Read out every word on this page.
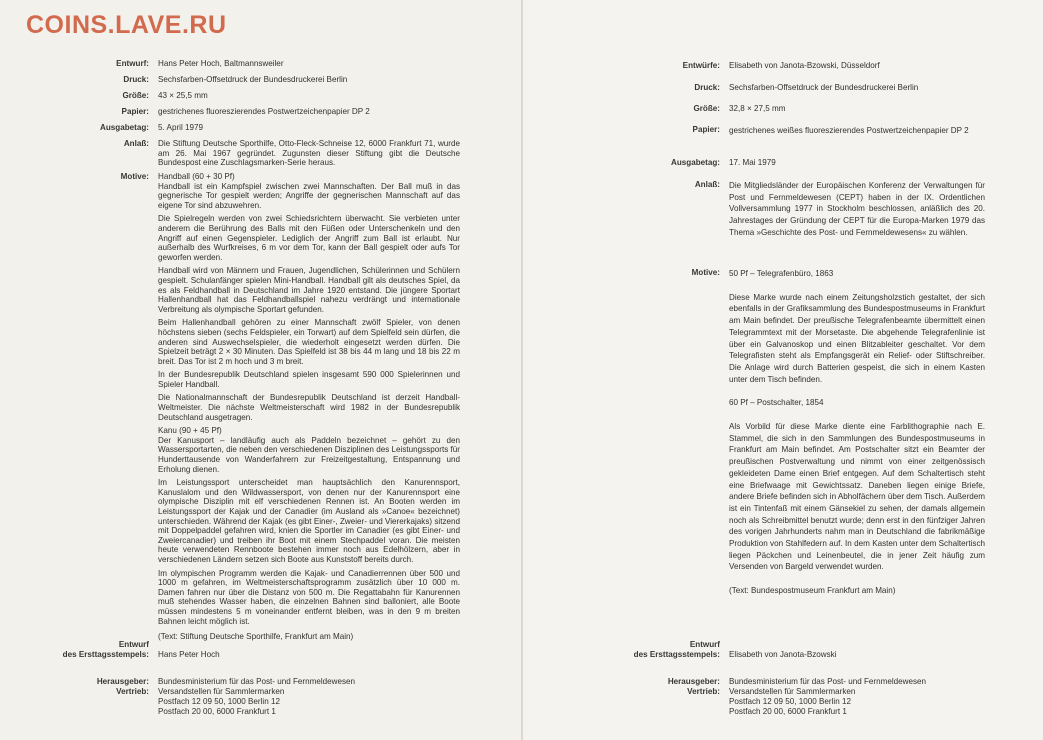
COINS.LAVE.RU
Entwurf: Hans Peter Hoch, Baltmannsweiler
Druck: Sechsfarben-Offsetdruck der Bundesdruckerei Berlin
Größe: 43 × 25,5 mm
Papier: gestrichenes fluoreszierendes Postwertzeichenpapier DP 2
Ausgabetag: 5. April 1979
Anlaß: Die Stiftung Deutsche Sporthilfe, Otto-Fleck-Schneise 12, 6000 Frankfurt 71, wurde am 26. Mai 1967 gegründet. Zugunsten dieser Stiftung gibt die Deutsche Bundespost eine Zuschlagsmarken-Serie heraus.
Motive: Handball (60 + 30 Pf)

Handball ist ein Kampfspiel zwischen zwei Mannschaften. Der Ball muß in das gegnerische Tor gespielt werden; Angriffe der gegnerischen Mannschaft auf das eigene Tor sind abzuwehren.

Die Spielregeln werden von zwei Schiedsrichtern überwacht. Sie verbieten unter anderem die Berührung des Balls mit den Füßen oder Unterschenkeln und den Angriff auf einen Gegenspieler. Lediglich der Angriff zum Ball ist erlaubt. Nur außerhalb des Wurfkreises, 6 m vor dem Tor, kann der Ball gespielt oder aufs Tor geworfen werden.

Handball wird von Männern und Frauen, Jugendlichen, Schülerinnen und Schülern gespielt. Schulanfänger spielen Mini-Handball. Handball gilt als deutsches Spiel, da es als Feldhandball in Deutschland im Jahre 1920 entstand. Die jüngere Sportart Hallenhandball hat das Feldhandballspiel nahezu verdrängt und internationale Verbreitung als olympische Sportart gefunden.

Beim Hallenhandball gehören zu einer Mannschaft zwölf Spieler, von denen höchstens sieben (sechs Feldspieler, ein Torwart) auf dem Spielfeld sein dürfen, die anderen sind Auswechselspieler, die wiederholt eingesetzt werden dürfen. Die Spielzeit beträgt 2 × 30 Minuten. Das Spielfeld ist 38 bis 44 m lang und 18 bis 22 m breit. Das Tor ist 2 m hoch und 3 m breit.

In der Bundesrepublik Deutschland spielen insgesamt 590 000 Spielerinnen und Spieler Handball.

Die Nationalmannschaft der Bundesrepublik Deutschland ist derzeit Handball-Weltmeister. Die nächste Weltmeisterschaft wird 1982 in der Bundesrepublik Deutschland ausgetragen.

Kanu (90 + 45 Pf)

Der Kanusport – landläufig auch als Paddeln bezeichnet – gehört zu den Wassersportarten, die neben den verschiedenen Disziplinen des Leistungssports für Hunderttausende von Wanderfahrern zur Freizeitgestaltung, Entspannung und Erholung dienen.

Im Leistungssport unterscheidet man hauptsächlich den Kanurennsport, Kanuslalom und den Wildwassersport, von denen nur der Kanurennsport eine olympische Disziplin mit elf verschiedenen Rennen ist. An Booten werden im Leistungssport der Kajak und der Canadier (im Ausland als »Canoe« bezeichnet) unterschieden. Während der Kajak (es gibt Einer-, Zweier- und Viererkajaks) sitzend mit Doppelpaddel gefahren wird, knien die Sportler im Canadier (es gibt Einer- und Zweiercanadier) und treiben ihr Boot mit einem Stechpaddel voran. Die meisten heute verwendeten Rennboote bestehen immer noch aus Edelhölzern, aber in verschiedenen Ländern setzen sich Boote aus Kunststoff bereits durch.

Im olympischen Programm werden die Kajak- und Canadierrennen über 500 und 1000 m gefahren, im Weltmeisterschaftsprogramm zusätzlich über 10 000 m. Damen fahren nur über die Distanz von 500 m. Die Regattabahn für Kanurennen muß stehendes Wasser haben, die einzelnen Bahnen sind balloniert, alle Boote müssen mindestens 5 m voneinander entfernt bleiben, was in den 9 m breiten Bahnen leicht möglich ist.

(Text: Stiftung Deutsche Sporthilfe, Frankfurt am Main)
Entwurf
des Ersttagsstempels: Hans Peter Hoch
Herausgeber:
Vertrieb:
Bundesministerium für das Post- und Fernmeldewesen
Versandstellen für Sammlermarken
Postfach 12 09 50, 1000 Berlin 12
Postfach 20 00, 6000 Frankfurt 1
Entwürfe: Elisabeth von Janota-Bzowski, Düsseldorf
Druck: Sechsfarben-Offsetdruck der Bundesdruckerei Berlin
Größe: 32,8 × 27,5 mm
Papier: gestrichenes weißes fluoreszierendes Postwertzeichenpapier DP 2
Ausgabetag: 17. Mai 1979
Anlaß: Die Mitgliedsländer der Europäischen Konferenz der Verwaltungen für Post und Fernmeldewesen (CEPT) haben in der IX. Ordentlichen Vollversammlung 1977 in Stockholm beschlossen, anläßlich des 20. Jahrestages der Gründung der CEPT für die Europa-Marken 1979 das Thema »Geschichte des Post- und Fernmeldewesens« zu wählen.
Motive: 50 Pf – Telegrafenbüro, 1863

Diese Marke wurde nach einem Zeitungsholzstich gestaltet, der sich ebenfalls in der Grafiksammlung des Bundespostmuseums in Frankfurt am Main befindet. Der preußische Telegrafenbeamte übermittelt einen Telegrammtext mit der Morsetaste. Die abgehende Telegrafenlinie ist über ein Galvanoskop und einen Blitzableiter geschaltet. Vor dem Telegrafisten steht als Empfangsgerät ein Relief- oder Stiftschreiber. Die Anlage wird durch Batterien gespeist, die sich in einem Kasten unter dem Tisch befinden.

60 Pf – Postschalter, 1854

Als Vorbild für diese Marke diente eine Farblithographie nach E. Stammel, die sich in den Sammlungen des Bundespostmuseums in Frankfurt am Main befindet. Am Postschalter sitzt ein Beamter der preußischen Postverwaltung und nimmt von einer zeitgenössisch gekleideten Dame einen Brief entgegen. Auf dem Schaltertisch steht eine Briefwaage mit Gewichtssatz. Daneben liegen einige Briefe, andere Briefe befinden sich in Abholfächern über dem Tisch. Außerdem ist ein Tintenfaß mit einem Gänsekiel zu sehen, der damals allgemein noch als Schreibmittel benutzt wurde; denn erst in den fünfziger Jahren des vorigen Jahrhunderts nahm man in Deutschland die fabrikmäßige Produktion von Stahlfedern auf. In dem Kasten unter dem Schaltertisch liegen Päckchen und Leinenbeutel, die in jener Zeit häufig zum Versenden von Bargeld verwendet wurden.

(Text: Bundespostmuseum Frankfurt am Main)

Entwurf
des Ersttagsstempels: Elisabeth von Janota-Bzowski
Herausgeber:
Vertrieb:
Bundesministerium für das Post- und Fernmeldewesen
Versandstellen für Sammlermarken
Postfach 12 09 50, 1000 Berlin 12
Postfach 20 00, 6000 Frankfurt 1
